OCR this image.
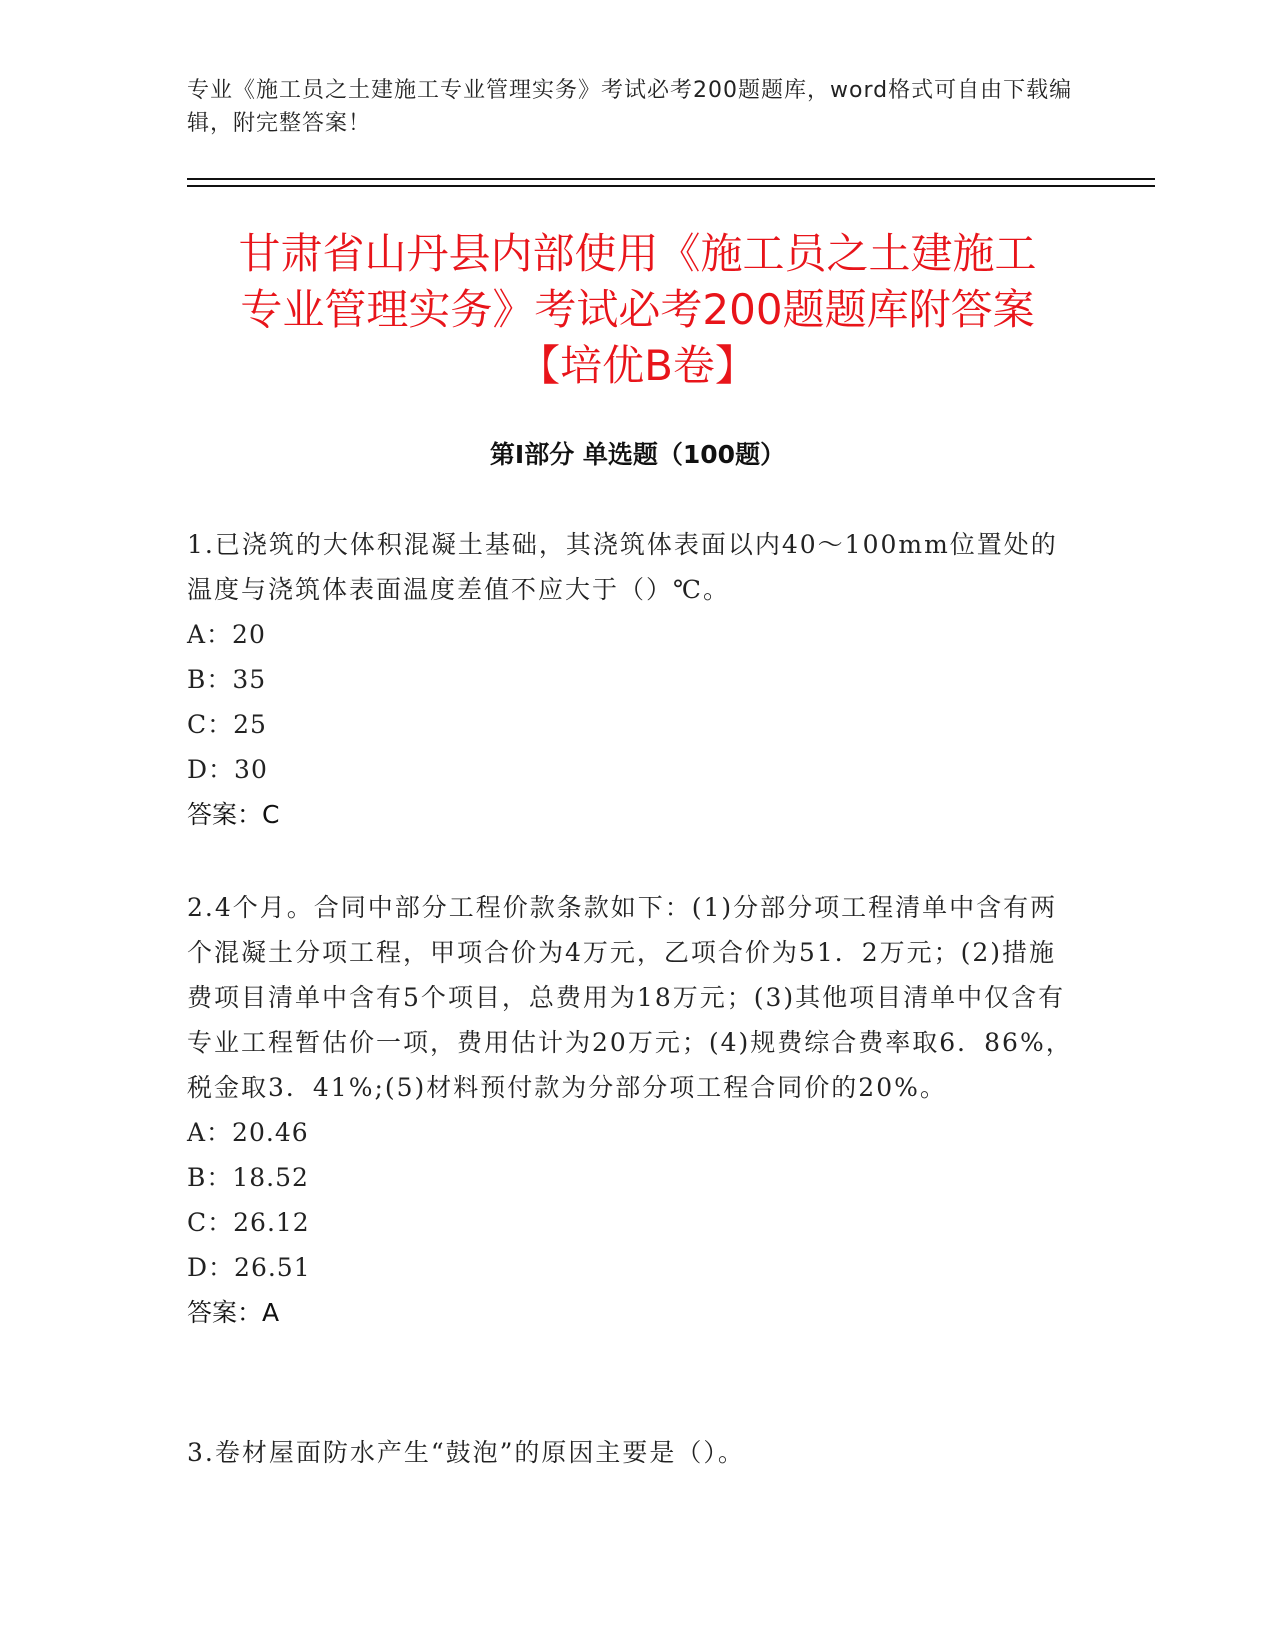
专业《施工员之土建施工专业管理实务》考试必考200题题库，word格式可自由下载编辑，附完整答案！
甘肃省山丹县内部使用《施工员之土建施工
专业管理实务》考试必考200题题库附答案
【培优B卷】
第Ⅰ部分 单选题（100题）
1.已浇筑的大体积混凝土基础，其浇筑体表面以内40～100mm位置处的温度与浇筑体表面温度差值不应大于（）℃。
A：20
B：35
C：25
D：30
答案：C
2.4个月。合同中部分工程价款条款如下：(1)分部分项工程清单中含有两个混凝土分项工程，甲项合价为4万元，乙项合价为51．2万元；(2)措施费项目清单中含有5个项目，总费用为18万元；(3)其他项目清单中仅含有专业工程暂估价一项，费用估计为20万元；(4)规费综合费率取6．86%，税金取3．41%;(5)材料预付款为分部分项工程合同价的20%。
A：20.46
B：18.52
C：26.12
D：26.51
答案：A
3.卷材屋面防水产生“鼓泡”的原因主要是（）。
